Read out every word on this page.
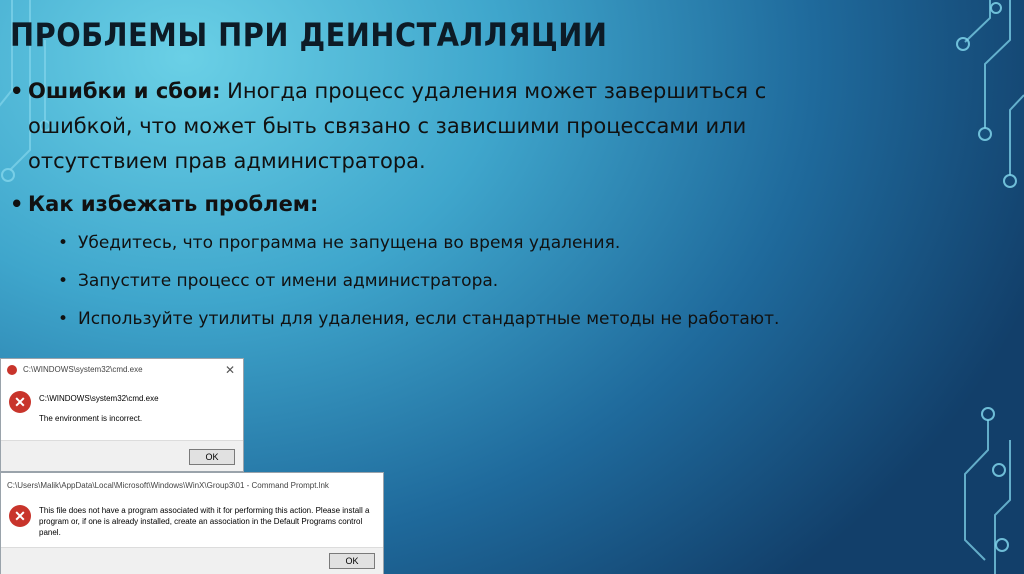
ПРОБЛЕМЫ ПРИ ДЕИНСТАЛЛЯЦИИ
• Ошибки и сбои: Иногда процесс удаления может завершиться с ошибкой, что может быть связано с зависшими процессами или отсутствием прав администратора.
• Как избежать проблем:
• Убедитесь, что программа не запущена во время удаления.
• Запустите процесс от имени администратора.
• Используйте утилиты для удаления, если стандартные методы не работают.
C:\WINDOWS\system32\cmd.exe	✕
✕	C:\WINDOWS\system32\cmd.exe
The environment is incorrect.
OK
C:\Users\Malik\AppData\Local\Microsoft\Windows\WinX\Group3\01 - Command Prompt.lnk
✕	This file does not have a program associated with it for performing this action. Please install a program or, if one is already installed, create an association in the Default Programs control panel.
OK
